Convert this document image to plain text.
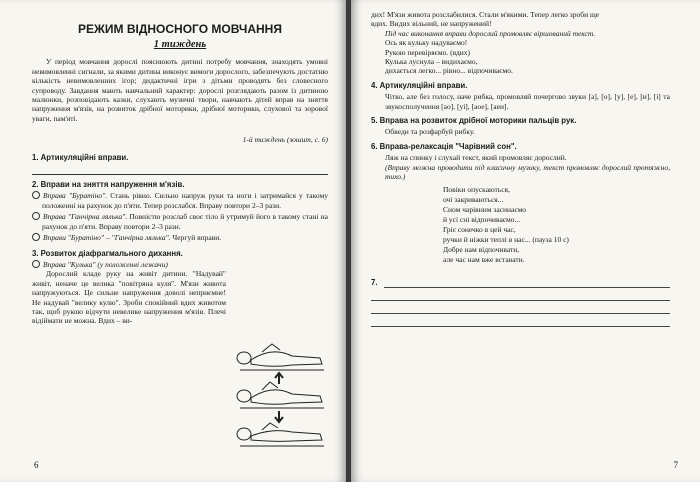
РЕЖИМ ВІДНОСНОГО МОВЧАННЯ
1 тиждень

У період мовчання дорослі пояснюють дитині потребу мовчання, знаходять умовні невимовленні сигнали, за якими дитина виконує вимоги дорослого, забезпечують достатню кількість невимовленних ігор; дидактичні ігри з дітьми проводять без словесного супроводу. Завдання мають навчальний характер: дорослі розглядають разом із дитиною малюнки, розповідають казки, слухають музичні твори, навчають дітей вправ на зняття напруження м'язів, на розвиток дрібної моторики, дрібної моторики, слухової та зорової уваги, пам'яті.

1-й тиждень (зошит, с. 6)
1. Артикуляційні вправи.
2. Вправи на зняття напруження м'язів.

Вправа "Буратіно". Стань рівно. Сильно напруж руки та ноги і затримайся у такому положенні на рахунок до п'яти. Тепер розслабся. Вправу повтори 2–3 рази.

Вправа "Ганчірна лялька". Повністю розслаб своє тіло й утримуй його в такому стані на рахунок до п'яти. Вправу повтори 2–3 рази.

Вправи "Буратіно" – "Ганчірна лялька". Чергуй вправи.

3. Розвиток діафрагмального дихання.

Вправа "Кулька" (у положенні лежачи)

Дорослий кладе руку на живіт дитини. "Надувай" живіт, неначе це велика "повітряна куля". М'язи живота напружуються. Це сильне напруження доволі неприємне! Не надувай "велику кулю". Зроби спокійний вдих животом так, щоб рукою відчути невелике напруження м'язів. Плечі відіймати не можна. Вдих – ви-

6

дих! М'язи живота розслабилися. Стали м'якими. Тепер легко зроби ще

вдих. Видих вільний, не напружений!

Під час виконання вправи дорослий промовляє віршований текст.

Ось як кульку надуваємо!

Рукою перевіряємо. (вдих)

Кулька луснула – видихаємо,

дихається легко... рівно... відпочиваємо.

4. Артикуляційні вправи.

Чітко, але без голосу, наче рибка, промовляй почергово звуки [а], [о], [у], [е], [и], [і] та звукосполучення [ао], [уі], [аое], [аеи].

5. Вправа на розвиток дрібної моторики пальців рук.

Обведи та розфарбуй рибку.

6. Вправа-релаксація "Чарівний сон".

Ляж на спинку і слухай текст, який промовляє дорослий.

(Вправу можна проводити під класичну музику, текст промовляє дорослий протяжно, тихо.)

Повіки опускаються,
очі закриваються...
Сном чарівним засинаємо
й усі сні відпочиваємо...
Гріє сонечко в цей час,
ручки й ніжки теплі в нас... (пауза 10 с)
Добре нам відпочивати,
але час нам вже вставати.
7.
7
